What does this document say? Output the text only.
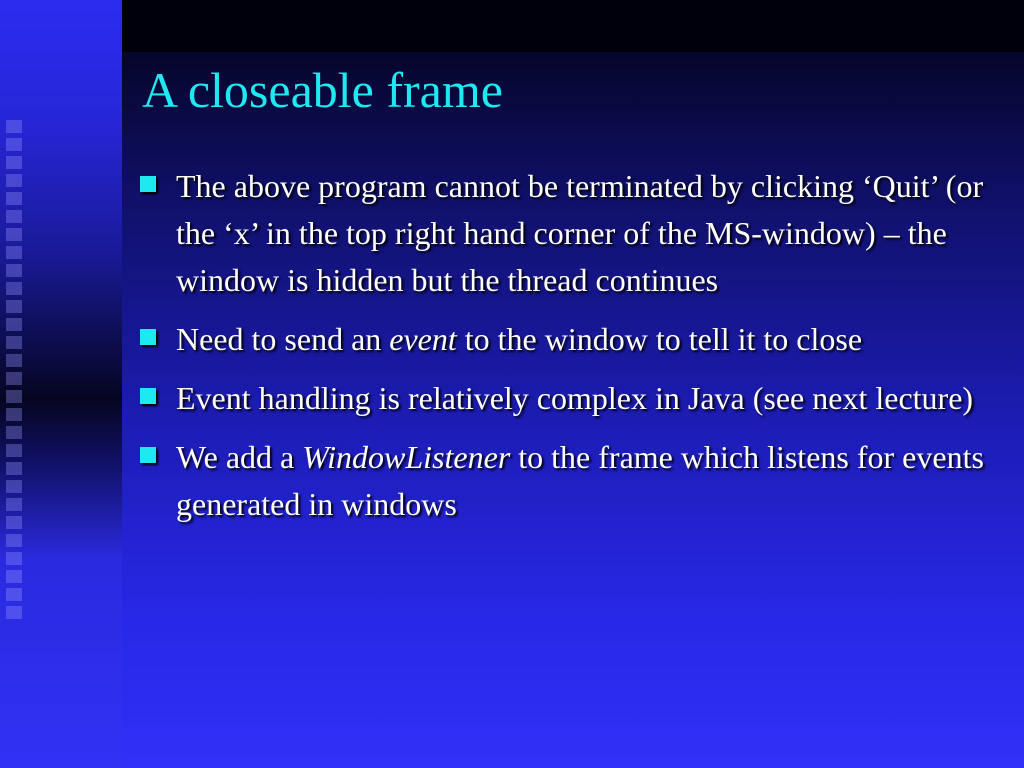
A closeable frame
The above program cannot be terminated by clicking ‘Quit’ (or the ‘x’ in the top right hand corner of the MS-window) – the window is hidden but the thread continues
Need to send an event to the window to tell it to close
Event handling is relatively complex in Java (see next lecture)
We add a WindowListener to the frame which listens for events generated in windows
